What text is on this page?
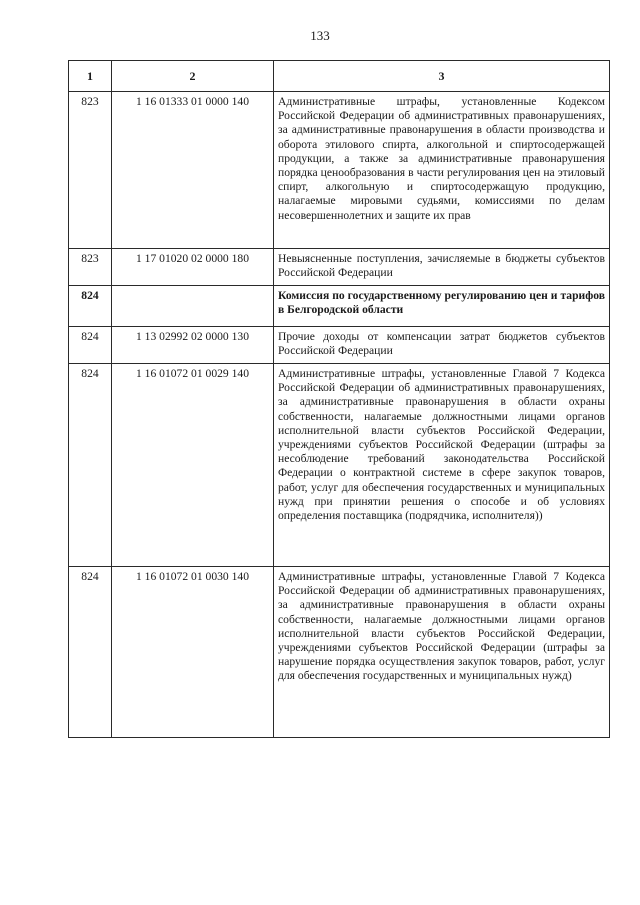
133
1	2	3
823	1 16 01333 01 0000 140	Административные штрафы, установленные Кодексом Российской Федерации об административных правонарушениях, за административные правонарушения в области производства и оборота этилового спирта, алкогольной и спиртосодержащей продукции, а также за административные правонарушения порядка ценообразования в части регулирования цен на этиловый спирт, алкогольную и спиртосодержащую продукцию, налагаемые мировыми судьями, комиссиями по делам несовершеннолетних и защите их прав
823	1 17 01020 02 0000 180	Невыясненные поступления, зачисляемые в бюджеты субъектов Российской Федерации
824		Комиссия по государственному регулированию цен и тарифов в Белгородской области
824	1 13 02992 02 0000 130	Прочие доходы от компенсации затрат бюджетов субъектов Российской Федерации
824	1 16 01072 01 0029 140	Административные штрафы, установленные Главой 7 Кодекса Российской Федерации об административных правонарушениях, за административные правонарушения в области охраны собственности, налагаемые должностными лицами органов исполнительной власти субъектов Российской Федерации, учреждениями субъектов Российской Федерации (штрафы за несоблюдение требований законодательства Российской Федерации о контрактной системе в сфере закупок товаров, работ, услуг для обеспечения государственных и муниципальных нужд при принятии решения о способе и об условиях определения поставщика (подрядчика, исполнителя))
824	1 16 01072 01 0030 140	Административные штрафы, установленные Главой 7 Кодекса Российской Федерации об административных правонарушениях, за административные правонарушения в области охраны собственности, налагаемые должностными лицами органов исполнительной власти субъектов Российской Федерации, учреждениями субъектов Российской Федерации (штрафы за нарушение порядка осуществления закупок товаров, работ, услуг для обеспечения государственных и муниципальных нужд)
